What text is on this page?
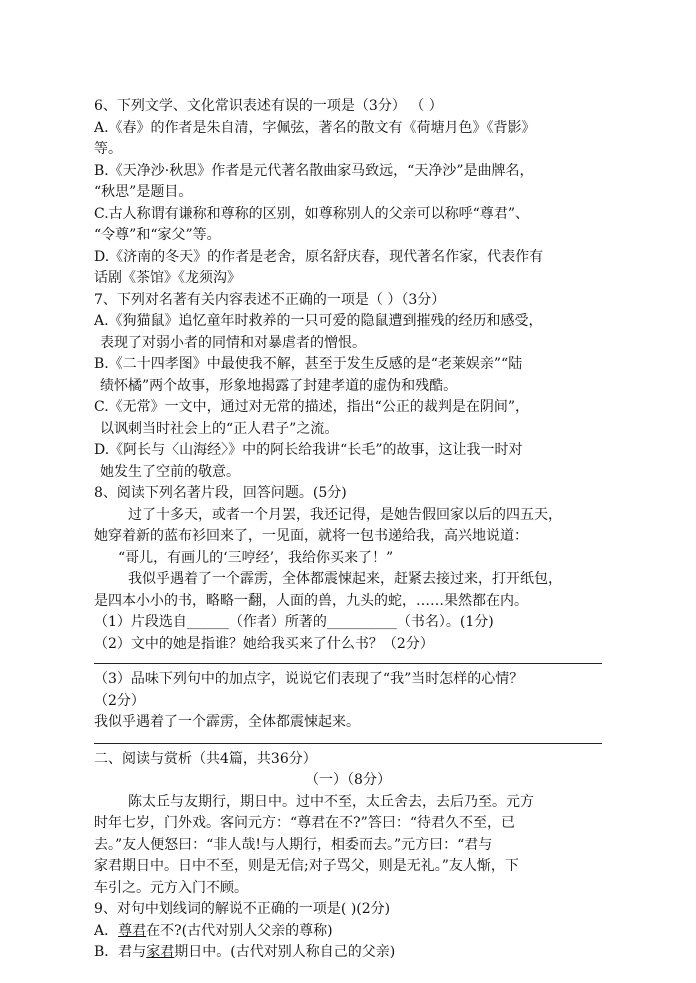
6、下列文学、文化常识表述有误的一项是（3分） （ ）
A.《春》的作者是朱自清，字佩弦，著名的散文有《荷塘月色》《背影》
等。
B.《天净沙·秋思》作者是元代著名散曲家马致远，“天净沙”是曲牌名，
“秋思”是题目。
C.古人称谓有谦称和尊称的区别，如尊称别人的父亲可以称呼“尊君”、
“令尊”和“家父”等。
D.《济南的冬天》的作者是老舍，原名舒庆春，现代著名作家，代表作有
话剧《茶馆》《龙须沟》
7、下列对名著有关内容表述不正确的一项是（ ）（3分）
A.《狗猫鼠》追忆童年时救养的一只可爱的隐鼠遭到摧残的经历和感受，
表现了对弱小者的同情和对暴虐者的憎恨。
B.《二十四孝图》中最使我不解，甚至于发生反感的是“老莱娱亲”“陆
绩怀橘”两个故事，形象地揭露了封建孝道的虚伪和残酷。
C.《无常》一文中，通过对无常的描述，指出“公正的裁判是在阴间”，
以讽刺当时社会上的“正人君子”之流。
D.《阿长与〈山海经〉》中的阿长给我讲“长毛”的故事，这让我一时对
她发生了空前的敬意。
8、阅读下列名著片段，回答问题。(5分)
过了十多天，或者一个月罢，我还记得，是她告假回家以后的四五天，
她穿着新的蓝布衫回来了，一见面，就将一包书递给我，高兴地说道：
“哥儿，有画儿的‘三哼经’，我给你买来了！”
我似乎遇着了一个霹雳，全体都震悚起来，赶紧去接过来，打开纸包，
是四本小小的书，略略一翻，人面的兽，九头的蛇，……果然都在内。
（1）片段选自______（作者）所著的__________（书名）。(1分)
（2）文中的她是指谁？她给我买来了什么书？（2分）
（3）品味下列句中的加点字，说说它们表现了“我”当时怎样的心情？
（2分）
我似乎遇着了一个霹雳，全体都震悚起来。
二、阅读与赏析（共4篇，共36分）
（一）（8分）
陈太丘与友期行，期日中。过中不至，太丘舍去，去后乃至。元方
时年七岁，门外戏。客问元方：“尊君在不?”答曰：“待君久不至，已
去。”友人便怒曰：“非人哉!与人期行，相委而去。”元方曰：“君与
家君期日中。日中不至，则是无信;对子骂父，则是无礼。”友人惭，下
车引之。元方入门不顾。
9、对句中划线词的解说不正确的一项是( )(2分)
A．尊君在不?(古代对别人父亲的尊称)
B．君与家君期日中。(古代对别人称自己的父亲)
